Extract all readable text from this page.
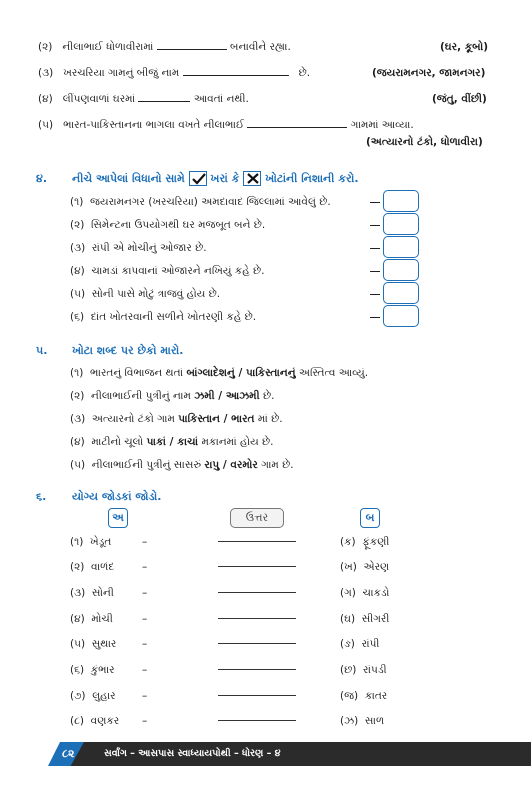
(૨) નીલાભાઈ ધોળાવીરામાં	બનાવીને રહ્યા.	(ઘર, કૂબો)
(૩) ખરચરિયા ગામનું બીજું નામ	છે.	(જયરામનગર, જામનગર)
(૪) લીંપણવાળાં ઘરમાં	આવતાં નથી.	(જંતુ, વીંછી)
(૫) ભારત-પાકિસ્તાનના ભાગલા વખતે નીલાભાઈ	ગામમાં આવ્યા.
(અત્યારનો ટંકો, ધોળાવીરા)
૪. નીચે આપેલાં વિધાનો સામે ખરાં કે ખોટાંની નિશાની કરો.
(૧) જયરામનગર (ખરચરિયા) અમદાવાદ જિલ્લામાં આવેલું છે.
(૨) સિમેન્ટના ઉપયોગથી ઘર મજબૂત બને છે.
(૩) રાંપી એ મોચીનું ઓજાર છે.
(૪) ચામડાં કાપવાનાં ઓજારને નખિયું કહે છે.
(૫) સોની પાસે મોટું ત્રાજવું હોય છે.
(૬) દાંત ખોતરવાની સળીને ખોતરણી કહે છે.
૫. ખોટા શબ્દ પર છેકો મારો.
(૧) ભારતનું વિભાજન થતાં બાંગ્લાદેશનું / પાકિસ્તાનનું અસ્તિત્વ આવ્યું.
(૨) નીલાભાઈની પુત્રીનું નામ ઝમી / આઝમી છે.
(૩) અત્યારનો ટંકો ગામ પાકિસ્તાન / ભારત માં છે.
(૪) માટીનો ચૂલો પાકાં / કાચાં મકાનમાં હોય છે.
(૫) નીલાભાઈની પુત્રીનું સાસરું રાપુ / વરમોર ગામ છે.
૬. યોગ્ય જોડકાં જોડો.
અ	ઉત્તર	બ
(૧) ખેડૂત	–	(ક) ફૂંકણી
(૨) વાળંદ	–	(ખ) એરણ
(૩) સોની	–	(ગ) ચાકડો
(૪) મોચી	–	(ઘ) સીગરી
(૫) સુથાર –	(ઙ) રાંપી
(૬) કુંભાર	–	(છ) રાંપડી
(૭) લુહાર	–	(જ) કાતર
(૮) વણકર –	(ઝ) સાળ
૮૨	સર્વાંગ – આસપાસ સ્વાધ્યાયપોથી – ધોરણ – ૪
